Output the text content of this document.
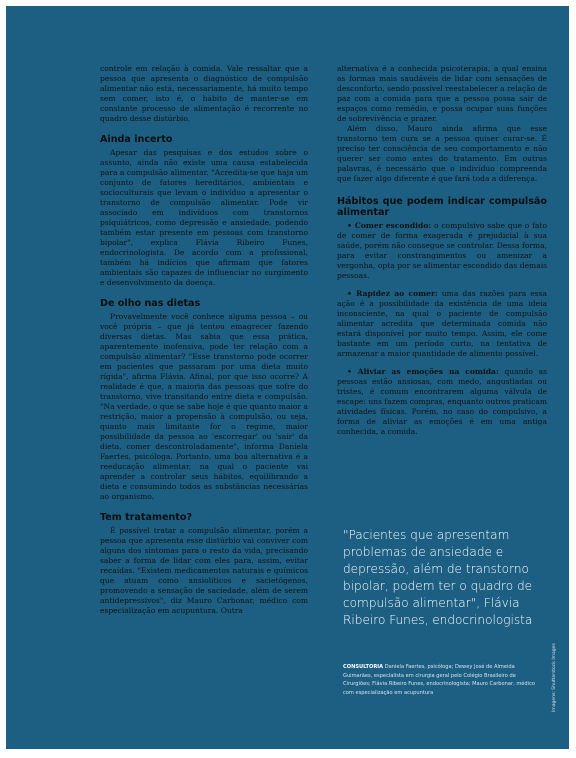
controle em relação à comida. Vale ressaltar que a pessoa que apresenta o diagnóstico de compulsão alimentar não está, necessariamente, há muito tempo sem comer, isto é, o hábito de manter-se em constante processo de alimentação é recorrente no quadro desse distúrbio.

Ainda incerto

Apesar das pesquisas e dos estudos sobre o assunto, ainda não existe uma causa estabelecida para a compulsão alimentar. "Acredita-se que haja um conjunto de fatores hereditários, ambientais e socioculturais que levam o indivíduo a apresentar o transtorno de compulsão alimentar. Pode vir associado em indivíduos com transtornos psiquiátricos, como depressão e ansiedade, podendo também estar presente em pessoas com transtorno bipolar", explica Flávia Ribeiro Funes, endocrinologista. De acordo com a profissional, também há indícios que afirmam que fatores ambientais são capazes de influenciar no surgimento e desenvolvimento da doença.

De olho nas dietas

Provavelmente você conhece alguma pessoa – ou você própria – que já tentou emagrecer fazendo diversas dietas. Mas sabia que essa prática, aparentemente inofensiva, pode ter relação com a compulsão alimentar? "Esse transtorno pode ocorrer em pacientes que passaram por uma dieta muito rígida", afirma Flávia. Afinal, por que isso ocorre? A realidade é que, a maioria das pessoas que sofre do transtorno, vive transitando entre dieta e compulsão. "Na verdade, o que se sabe hoje é que quanto maior a restrição, maior a propensão à compulsão, ou seja, quanto mais limitante for o regime, maior possibilidade da pessoa ao 'escorregar' ou 'sair' da dieta, comer descontroladamente", informa Daniela Faertes, psicóloga. Portanto, uma boa alternativa é a reeducação alimentar, na qual o paciente vai aprender a controlar seus hábitos, equilibrando a dieta e consumindo todos as substâncias necessárias ao organismo.

Tem tratamento?

É possível tratar a compulsão alimentar, porém a pessoa que apresenta esse distúrbio vai conviver com alguns dos sintomas para o resto da vida, precisando saber a forma de lidar com eles para, assim, evitar recaídas. "Existem medicamentos naturais e químicos que atuam como ansiolíticos e sacietógenos, promovendo a sensação de saciedade, além de serem antidepressivos", diz Mauro Carbonar, médico com especialização em acupuntura. Outra

alternativa é a conhecida psicoterapia, a qual ensina as formas mais saudáveis de lidar com sensações de desconforto, sendo possível reestabelecer a relação de paz com a comida para que a pessoa possa sair de espaços como remédio, e possa ocupar suas funções de sobrevivência e prazer.

Além disso, Mauro ainda afirma que esse transtorno tem cura se a pessoa quiser curar-se. É preciso ter consciência de seu comportamento e não querer ser como antes do tratamento. Em outras palavras, é necessário que o indivíduo compreenda que fazer algo diferente é que fará toda a diferença.

Hábitos que podem indicar compulsão alimentar

• Comer escondido: o compulsivo sabe que o fato de comer de forma exagerada é prejudicial à sua saúde, porém não consegue se controlar. Dessa forma, para evitar constrangimentos ou amenizar a vergonha, opta por se alimentar escondido das demais pessoas.

• Rapidez ao comer: uma das razões para essa ação é a possibilidade da existência de uma ideia inconsciente, na qual o paciente de compulsão alimentar acredita que determinada comida não estará disponível por muito tempo. Assim, ele come bastante em um período curto, na tentativa de armazenar a maior quantidade de alimento possível.

• Aliviar as emoções na comida: quando as pessoas estão ansiosas, com medo, angustiadas ou tristes, é comum encontrarem alguma válvula de escape: uns fazem compras, enquanto outros praticam atividades físicas. Porém, no caso do compulsivo, a forma de aliviar as emoções é em uma antiga conhecida, a comida.

"Pacientes que apresentam problemas de ansiedade e depressão, além de transtorno bipolar, podem ter o quadro de compulsão alimentar", Flávia Ribeiro Funes, endocrinologista
CONSULTORIA Daniela Faertes, psicóloga; Dewey José de Almeida Guimarães, especialista em cirurgia geral pelo Colégio Brasileiro de Cirurgiões; Flávia Ribeiro Funes, endocrinologista; Mauro Carbonar, médico com especialização em acupuntura	Imagens: Shutterstock Images
